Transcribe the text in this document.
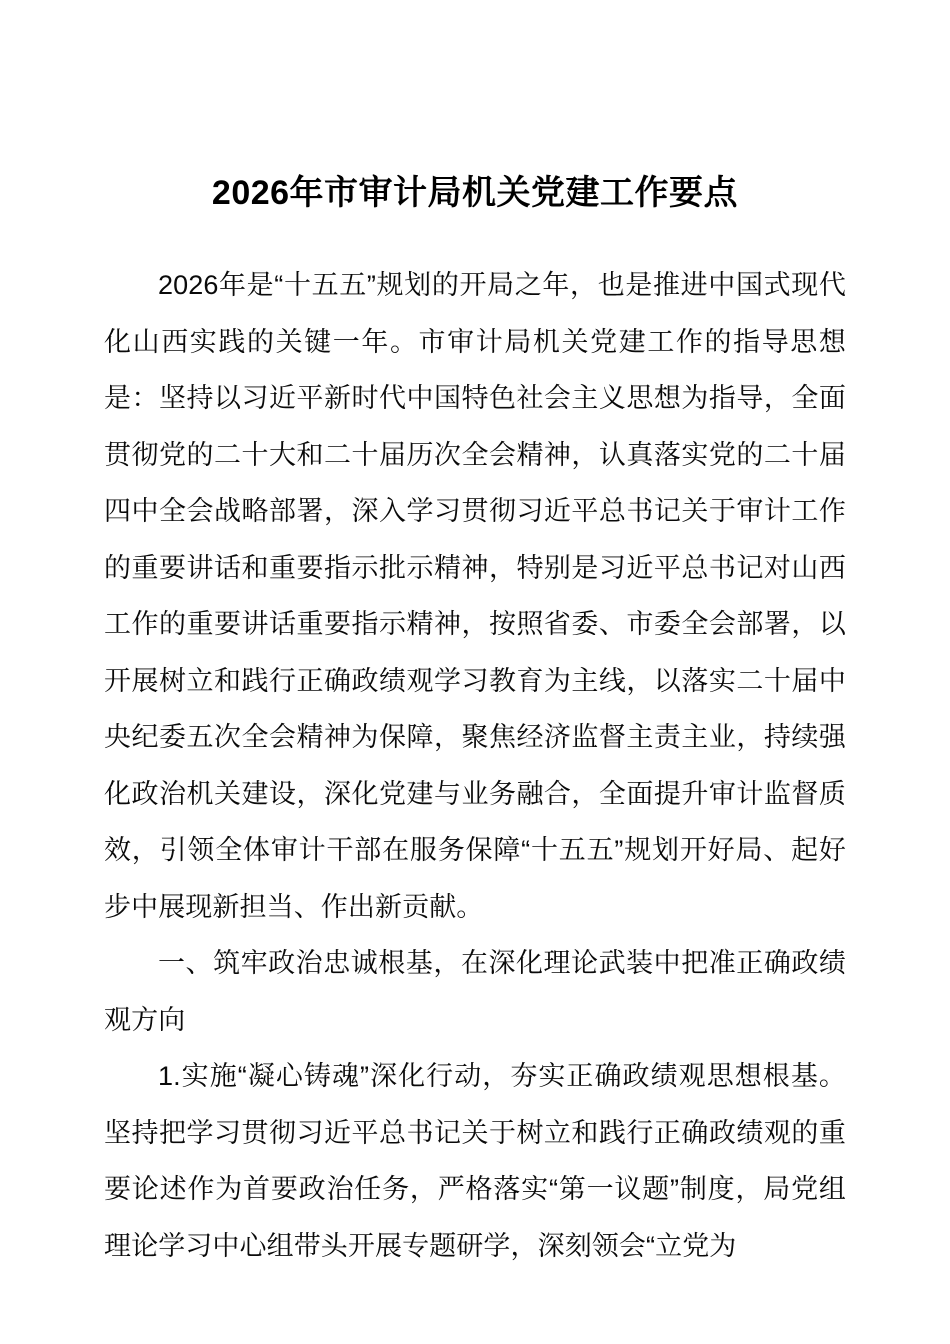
2026年市审计局机关党建工作要点

2026年是“十五五”规划的开局之年，也是推进中国式现代化山西实践的关键一年。市审计局机关党建工作的指导思想是：坚持以习近平新时代中国特色社会主义思想为指导，全面贯彻党的二十大和二十届历次全会精神，认真落实党的二十届四中全会战略部署，深入学习贯彻习近平总书记关于审计工作的重要讲话和重要指示批示精神，特别是习近平总书记对山西工作的重要讲话重要指示精神，按照省委、市委全会部署，以开展树立和践行正确政绩观学习教育为主线，以落实二十届中央纪委五次全会精神为保障，聚焦经济监督主责主业，持续强化政治机关建设，深化党建与业务融合，全面提升审计监督质效，引领全体审计干部在服务保障“十五五”规划开好局、起好步中展现新担当、作出新贡献。

一、筑牢政治忠诚根基，在深化理论武装中把准正确政绩观方向

1.实施“凝心铸魂”深化行动，夯实正确政绩观思想根基。坚持把学习贯彻习近平总书记关于树立和践行正确政绩观的重要论述作为首要政治任务，严格落实“第一议题”制度，局党组理论学习中心组带头开展专题研学，深刻领会“立党为
